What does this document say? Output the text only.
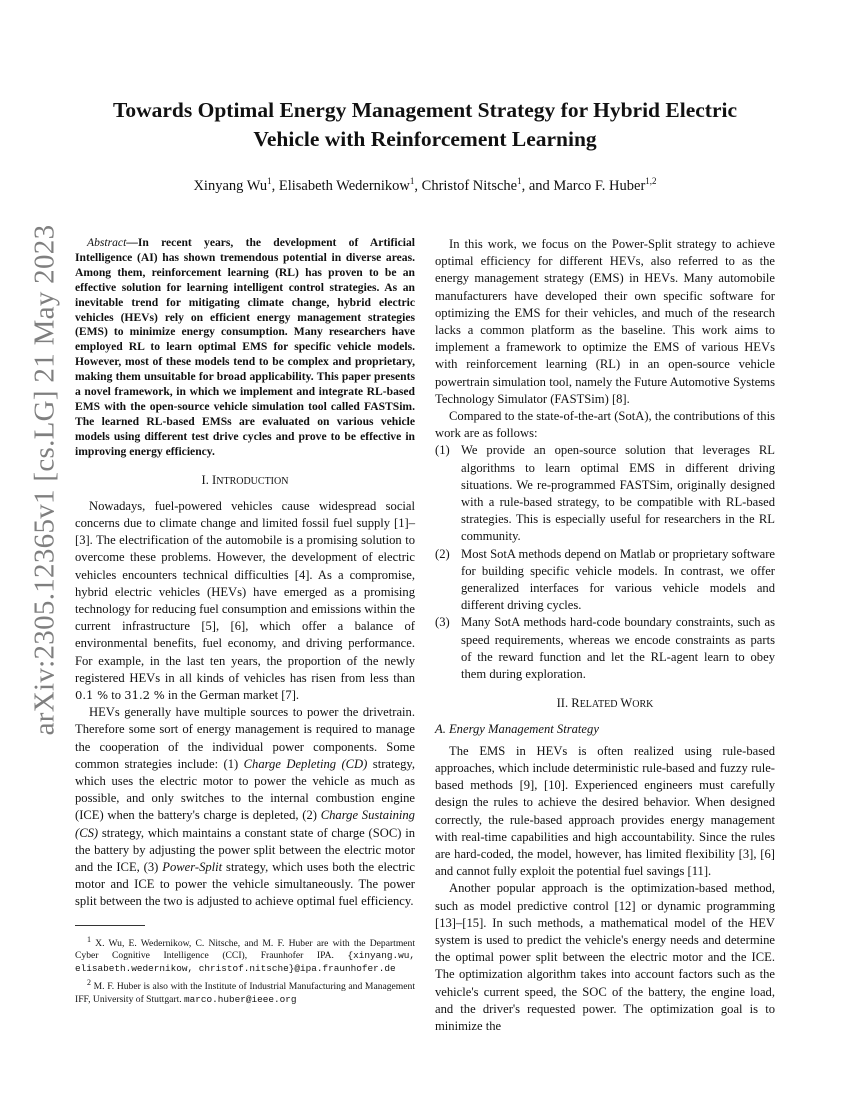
arXiv:2305.12365v1 [cs.LG] 21 May 2023
Towards Optimal Energy Management Strategy for Hybrid Electric Vehicle with Reinforcement Learning
Xinyang Wu$^1$, Elisabeth Wedernikow$^1$, Christof Nitsche$^1$, and Marco F. Huber$^{1,2}$

Abstract—In recent years, the development of Artificial Intelligence (AI) has shown tremendous potential in diverse areas. Among them, reinforcement learning (RL) has proven to be an effective solution for learning intelligent control strategies. As an inevitable trend for mitigating climate change, hybrid electric vehicles (HEVs) rely on efficient energy management strategies (EMS) to minimize energy consumption. Many researchers have employed RL to learn optimal EMS for specific vehicle models. However, most of these models tend to be complex and proprietary, making them unsuitable for broad applicability. This paper presents a novel framework, in which we implement and integrate RL-based EMS with the open-source vehicle simulation tool called FASTSim. The learned RL-based EMSs are evaluated on various vehicle models using different test drive cycles and prove to be effective in improving energy efficiency.

I. INTRODUCTION

Nowadays, fuel-powered vehicles cause widespread social concerns due to climate change and limited fossil fuel supply [1]–[3]. The electrification of the automobile is a promising solution to overcome these problems. However, the development of electric vehicles encounters technical difficulties [4]. As a compromise, hybrid electric vehicles (HEVs) have emerged as a promising technology for reducing fuel consumption and emissions within the current infrastructure [5], [6], which offer a balance of environmental benefits, fuel economy, and driving performance. For example, in the last ten years, the proportion of the newly registered HEVs in all kinds of vehicles has risen from less than 0.1 % to 31.2 % in the German market [7].

HEVs generally have multiple sources to power the drivetrain. Therefore some sort of energy management is required to manage the cooperation of the individual power components. Some common strategies include: (1) Charge Depleting (CD) strategy, which uses the electric motor to power the vehicle as much as possible, and only switches to the internal combustion engine (ICE) when the battery's charge is depleted, (2) Charge Sustaining (CS) strategy, which maintains a constant state of charge (SOC) in the battery by adjusting the power split between the electric motor and the ICE, (3) Power-Split strategy, which uses both the electric motor and ICE to power the vehicle simultaneously. The power split between the two is adjusted to achieve optimal fuel efficiency.

$^1$ X. Wu, E. Wedernikow, C. Nitsche, and M. F. Huber are with the Department Cyber Cognitive Intelligence (CCI), Fraunhofer IPA. {xinyang.wu, elisabeth.wedernikow, christof.nitsche}@ipa.fraunhofer.de

$^2$ M. F. Huber is also with the Institute of Industrial Manufacturing and Management IFF, University of Stuttgart. marco.huber@ieee.org

In this work, we focus on the Power-Split strategy to achieve optimal efficiency for different HEVs, also referred to as the energy management strategy (EMS) in HEVs. Many automobile manufacturers have developed their own specific software for optimizing the EMS for their vehicles, and much of the research lacks a common platform as the baseline. This work aims to implement a framework to optimize the EMS of various HEVs with reinforcement learning (RL) in an open-source vehicle powertrain simulation tool, namely the Future Automotive Systems Technology Simulator (FASTSim) [8].

Compared to the state-of-the-art (SotA), the contributions of this work are as follows:

(1) We provide an open-source solution that leverages RL algorithms to learn optimal EMS in different driving situations. We re-programmed FASTSim, originally designed with a rule-based strategy, to be compatible with RL-based strategies. This is especially useful for researchers in the RL community.
(2) Most SotA methods depend on Matlab or proprietary software for building specific vehicle models. In contrast, we offer generalized interfaces for various vehicle models and different driving cycles.
(3) Many SotA methods hard-code boundary constraints, such as speed requirements, whereas we encode constraints as parts of the reward function and let the RL-agent learn to obey them during exploration.
II. RELATED WORK
A. Energy Management Strategy

The EMS in HEVs is often realized using rule-based approaches, which include deterministic rule-based and fuzzy rule-based methods [9], [10]. Experienced engineers must carefully design the rules to achieve the desired behavior. When designed correctly, the rule-based approach provides energy management with real-time capabilities and high accountability. Since the rules are hard-coded, the model, however, has limited flexibility [3], [6] and cannot fully exploit the potential fuel savings [11].

Another popular approach is the optimization-based method, such as model predictive control [12] or dynamic programming [13]–[15]. In such methods, a mathematical model of the HEV system is used to predict the vehicle's energy needs and determine the optimal power split between the electric motor and the ICE. The optimization algorithm takes into account factors such as the vehicle's current speed, the SOC of the battery, the engine load, and the driver's requested power. The optimization goal is to minimize the
